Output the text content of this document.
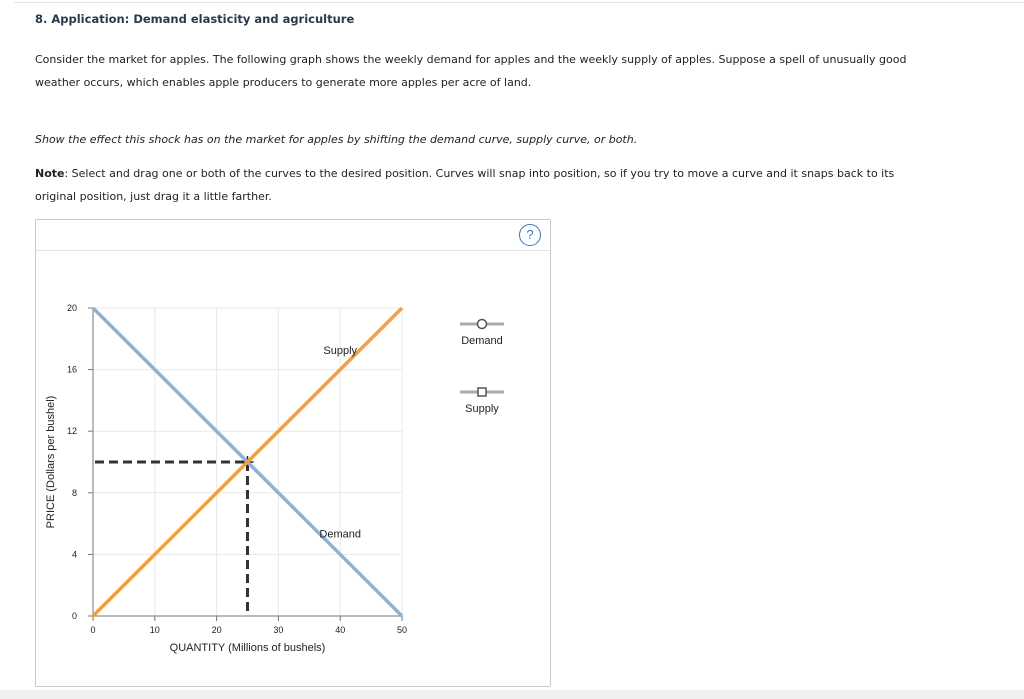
8. Application: Demand elasticity and agriculture

Consider the market for apples. The following graph shows the weekly demand for apples and the weekly supply of apples. Suppose a spell of unusually good weather occurs, which enables apple producers to generate more apples per acre of land.

Show the effect this shock has on the market for apples by shifting the demand curve, supply curve, or both.

Note: Select and drag one or both of the curves to the desired position. Curves will snap into position, so if you try to move a curve and it snaps back to its original position, just drag it a little farther.

?
0	10	20	30	40	50
0
4
8
12
16
20
QUANTITY (Millions of bushels)
PRICE (Dollars per bushel)
Demand
Supply
Demand
Supply
